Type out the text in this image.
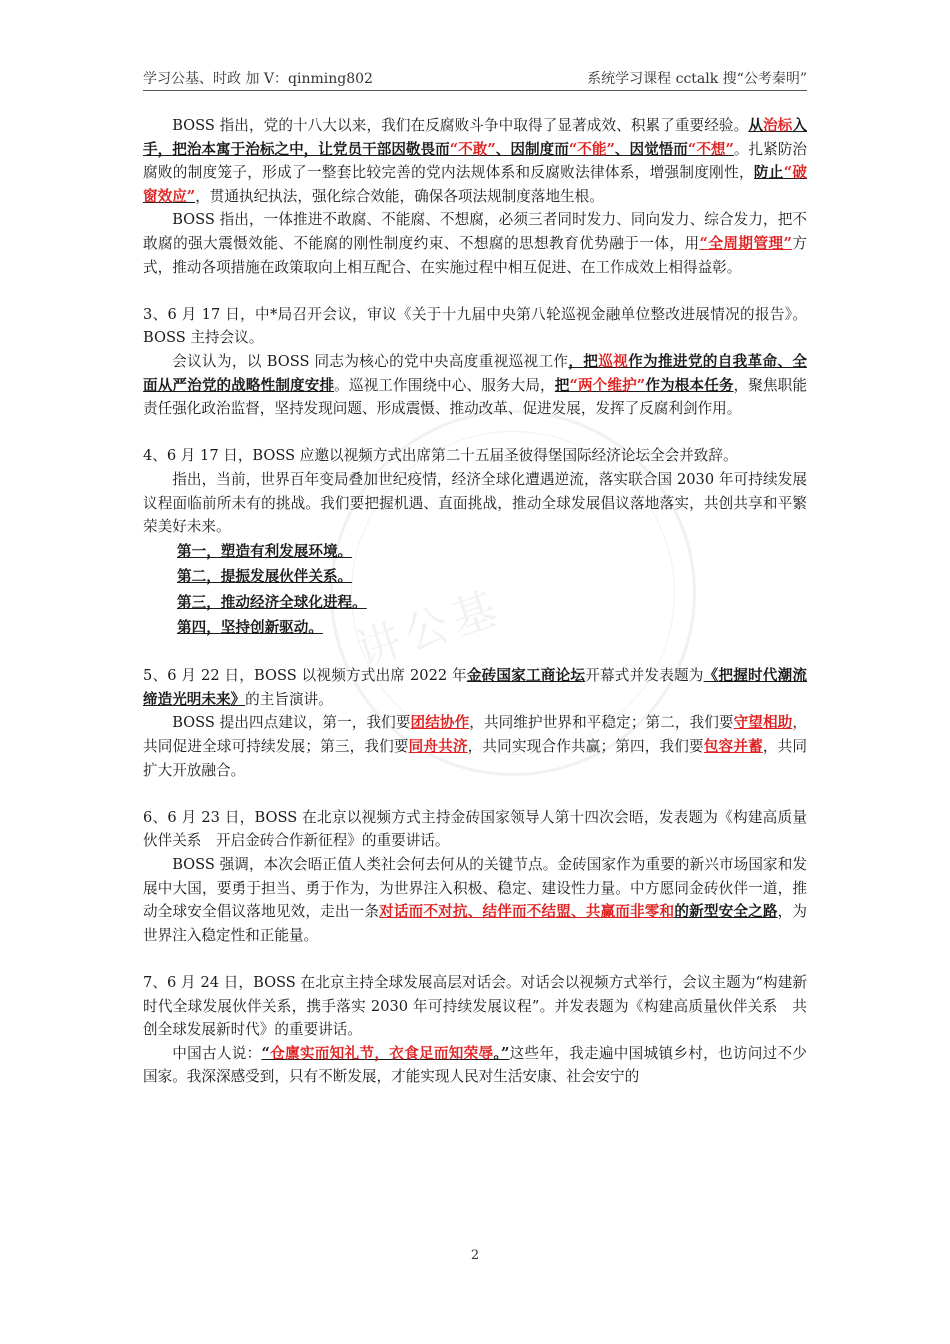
学习公基、时政 加 V：qinming802	系统学习课程 cctalk 搜“公考秦明”
讲公基

BOSS 指出，党的十八大以来，我们在反腐败斗争中取得了显著成效、积累了重要经验。从治标入手，把治本寓于治标之中，让党员干部因敬畏而“不敢”、因制度而“不能”、因觉悟而“不想”。扎紧防治腐败的制度笼子，形成了一整套比较完善的党内法规体系和反腐败法律体系，增强制度刚性，防止“破窗效应”，贯通执纪执法，强化综合效能，确保各项法规制度落地生根。

BOSS 指出，一体推进不敢腐、不能腐、不想腐，必须三者同时发力、同向发力、综合发力，把不敢腐的强大震慑效能、不能腐的刚性制度约束、不想腐的思想教育优势融于一体，用“全周期管理”方式，推动各项措施在政策取向上相互配合、在实施过程中相互促进、在工作成效上相得益彰。

3、6 月 17 日，中*局召开会议，审议《关于十九届中央第八轮巡视金融单位整改进展情况的报告》。BOSS 主持会议。

会议认为，以 BOSS 同志为核心的党中央高度重视巡视工作，把巡视作为推进党的自我革命、全面从严治党的战略性制度安排。巡视工作围绕中心、服务大局，把“两个维护”作为根本任务，聚焦职能责任强化政治监督，坚持发现问题、形成震慑、推动改革、促进发展，发挥了反腐利剑作用。

4、6 月 17 日，BOSS 应邀以视频方式出席第二十五届圣彼得堡国际经济论坛全会并致辞。

指出，当前，世界百年变局叠加世纪疫情，经济全球化遭遇逆流，落实联合国 2030 年可持续发展议程面临前所未有的挑战。我们要把握机遇、直面挑战，推动全球发展倡议落地落实，共创共享和平繁荣美好未来。

第一，塑造有利发展环境。
第二，提振发展伙伴关系。
第三，推动经济全球化进程。
第四，坚持创新驱动。

5、6 月 22 日，BOSS 以视频方式出席 2022 年金砖国家工商论坛开幕式并发表题为《把握时代潮流 缔造光明未来》的主旨演讲。

BOSS 提出四点建议，第一，我们要团结协作，共同维护世界和平稳定；第二，我们要守望相助，共同促进全球可持续发展；第三，我们要同舟共济，共同实现合作共赢；第四，我们要包容并蓄，共同扩大开放融合。

6、6 月 23 日，BOSS 在北京以视频方式主持金砖国家领导人第十四次会晤，发表题为《构建高质量伙伴关系　开启金砖合作新征程》的重要讲话。

BOSS 强调，本次会晤正值人类社会何去何从的关键节点。金砖国家作为重要的新兴市场国家和发展中大国，要勇于担当、勇于作为，为世界注入积极、稳定、建设性力量。中方愿同金砖伙伴一道，推动全球安全倡议落地见效，走出一条对话而不对抗、结伴而不结盟、共赢而非零和的新型安全之路，为世界注入稳定性和正能量。

7、6 月 24 日，BOSS 在北京主持全球发展高层对话会。对话会以视频方式举行，会议主题为“构建新时代全球发展伙伴关系，携手落实 2030 年可持续发展议程”。并发表题为《构建高质量伙伴关系　共创全球发展新时代》的重要讲话。

中国古人说：“仓廪实而知礼节，衣食足而知荣辱。”这些年，我走遍中国城镇乡村，也访问过不少国家。我深深感受到，只有不断发展，才能实现人民对生活安康、社会安宁的

2
